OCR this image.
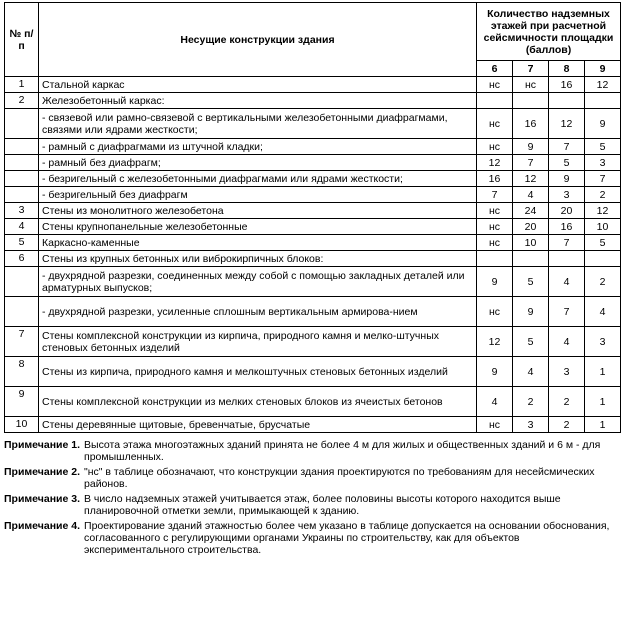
№ п/п	Несущие конструкции здания	Количество надземных этажей при расчетной сейсмичности площадки (баллов)			
		6	7	8	9
1	Стальной каркас	нс	нс	16	12
2	Железобетонный каркас:				
	- связевой или рамно-связевой с вертикальными железобетонными диафрагмами, связями или ядрами жесткости;	нс	16	12	9
	- рамный с диафрагмами из штучной кладки;	нс	9	7	5
	- рамный без диафрагм;	12	7	5	3
	- безригельный с железобетонными диафрагмами или ядрами жесткости;	16	12	9	7
	- безригельный без диафрагм	7	4	3	2
3	Стены из монолитного железобетона	нс	24	20	12
4	Стены крупнопанельные железобетонные	нс	20	16	10
5	Каркасно-каменные	нс	10	7	5
6	Стены из крупных бетонных или виброкирпичных блоков:				
	- двухрядной разрезки, соединенных между собой с помощью закладных деталей или арматурных выпусков;	9	5	4	2
	- двухрядной разрезки, усиленные сплошным вертикальным армирова-нием	нс	9	7	4
7	Стены комплексной конструкции из кирпича, природного камня и мелко-штучных стеновых бетонных изделий	12	5	4	3
8	Стены из кирпича, природного камня и мелкоштучных стеновых бетонных изделий	9	4	3	1
9	Стены комплексной конструкции из мелких стеновых блоков из ячеистых бетонов	4	2	2	1
10	Стены деревянные щитовые, бревенчатые, брусчатые	нс	3	2	1
Примечание 1. Высота этажа многоэтажных зданий принята не более 4 м для жилых и общественных зданий и 6 м - для промышленных.
Примечание 2. "нс" в таблице обозначают, что конструкции здания проектируются по требованиям для несейсмических районов.
Примечание 3. В число надземных этажей учитывается этаж, более половины высоты которого находится выше планировочной отметки земли, примыкающей к зданию.
Примечание 4. Проектирование зданий этажностью более чем указано в таблице допускается на основании обоснования, согласованного с регулирующими органами Украины по строительству, как для объектов экспериментального строительства.
